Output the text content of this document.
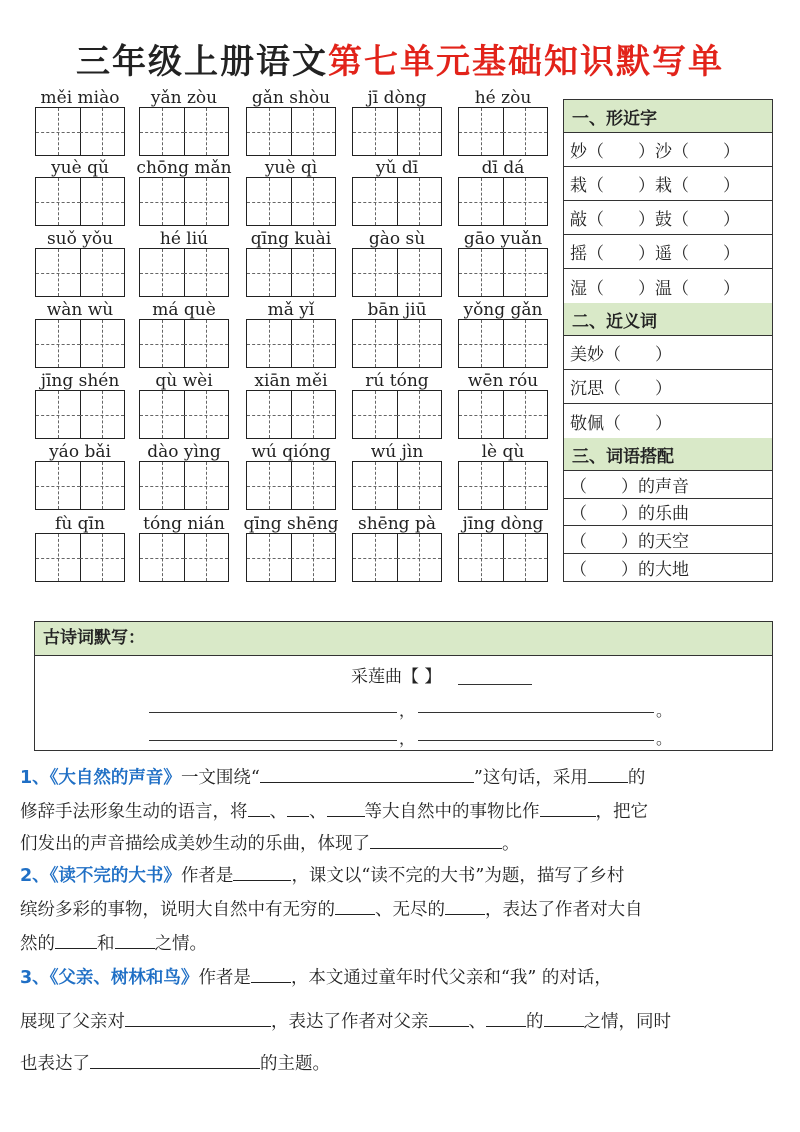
三年级上册语文第七单元基础知识默写单
měi miào	yǎn zòu	gǎn shòu	jī dòng	hé zòu
yuè qǔ	chōng mǎn	yuè qì	yǔ dī	dī dá
suǒ yǒu	hé liú	qīng kuài	gào sù	gāo yuǎn
wàn wù	má què	mǎ yǐ	bān jiū	yǒng gǎn
jīng shén	qù wèi	xiān měi	rú tóng	wēn róu
yáo bǎi	dào yìng	wú qióng	wú jìn	lè qù
fù qīn	tóng nián	qīng shēng	shēng pà	jīng dòng
一、形近字
妙（　　）沙（　　）
栽（　　）栽（　　）
敲（　　）鼓（　　）
摇（　　）遥（　　）
湿（　　）温（　　）
二、近义词
美妙（　　）
沉思（　　）
敬佩（　　）
三、词语搭配
（　　）的声音
（　　）的乐曲
（　　）的天空
（　　）的大地
古诗词默写：
采莲曲【 】
，	。
，	。
1、《大自然的声音》一文围绕“	”这句话，采用 的
修辞手法形象生动的语言，将 、 、 等大自然中的事物比作	，把它
们发出的声音描绘成美妙生动的乐曲，体现了	。
2、《读不完的大书》作者是	，课文以“读不完的大书”为题，描写了乡村
缤纷多彩的事物，说明大自然中有无穷的 、无尽的 ，表达了作者对大自
然的 和 之情。
3、《父亲、树林和鸟》作者是 ，本文通过童年时代父亲和“我” 的对话，
展现了父亲对	，表达了作者对父亲 、 的 之情，同时
也表达了	的主题。
